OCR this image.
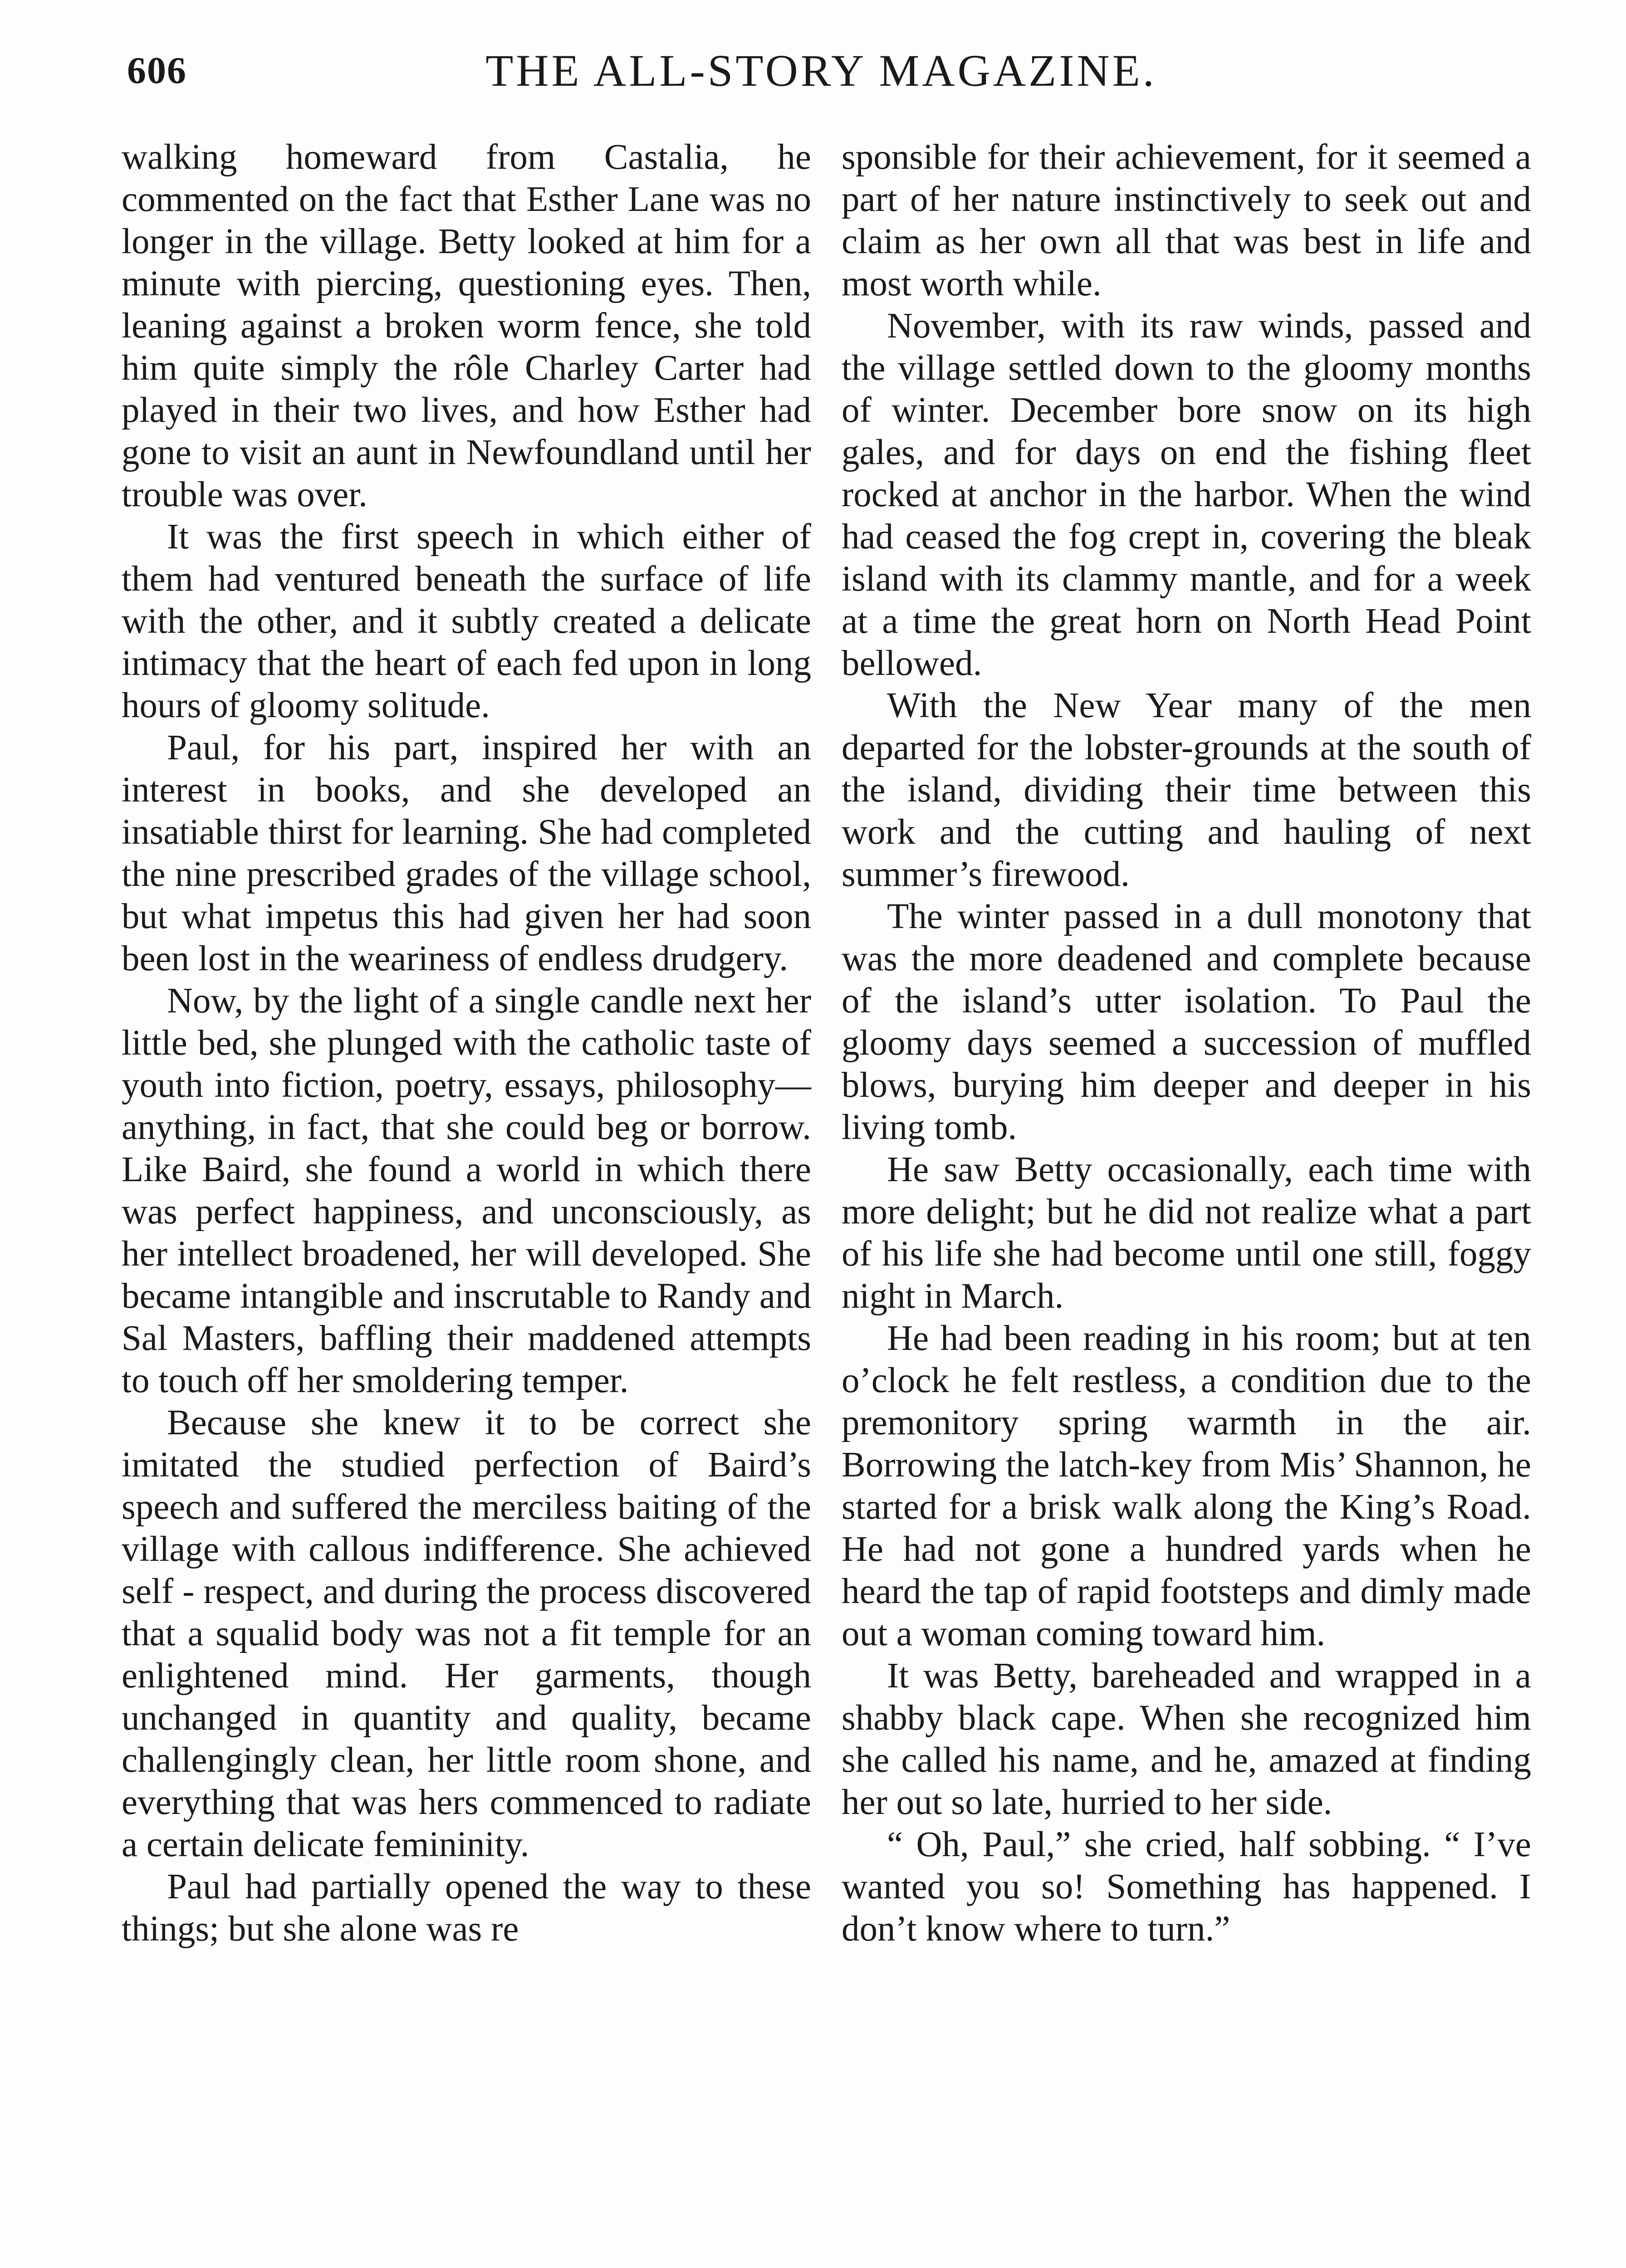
606	THE ALL-STORY MAGAZINE.

walking homeward from Castalia, he commented on the fact that Esther Lane was no longer in the village. Betty looked at him for a minute with piercing, questioning eyes. Then, leaning against a broken worm fence, she told him quite simply the rôle Charley Carter had played in their two lives, and how Esther had gone to visit an aunt in Newfoundland until her trouble was over.

It was the first speech in which either of them had ventured beneath the surface of life with the other, and it subtly created a delicate intimacy that the heart of each fed upon in long hours of gloomy solitude.

Paul, for his part, inspired her with an interest in books, and she developed an insatiable thirst for learning. She had completed the nine prescribed grades of the village school, but what impetus this had given her had soon been lost in the weariness of endless drudgery.

Now, by the light of a single candle next her little bed, she plunged with the catholic taste of youth into fiction, poetry, essays, philosophy—anything, in fact, that she could beg or borrow. Like Baird, she found a world in which there was perfect happiness, and unconsciously, as her intellect broadened, her will developed. She became intangible and inscrutable to Randy and Sal Masters, baffling their maddened attempts to touch off her smoldering temper.

Because she knew it to be correct she imitated the studied perfection of Baird’s speech and suffered the merciless baiting of the village with callous indifference. She achieved self - respect, and during the process discovered that a squalid body was not a fit temple for an enlightened mind. Her garments, though unchanged in quantity and quality, became challengingly clean, her little room shone, and everything that was hers commenced to radiate a certain delicate femininity.

Paul had partially opened the way to these things; but she alone was re

sponsible for their achievement, for it seemed a part of her nature instinctively to seek out and claim as her own all that was best in life and most worth while.

November, with its raw winds, passed and the village settled down to the gloomy months of winter. December bore snow on its high gales, and for days on end the fishing fleet rocked at anchor in the harbor. When the wind had ceased the fog crept in, covering the bleak island with its clammy mantle, and for a week at a time the great horn on North Head Point bellowed.

With the New Year many of the men departed for the lobster-grounds at the south of the island, dividing their time between this work and the cutting and hauling of next summer’s firewood.

The winter passed in a dull monotony that was the more deadened and complete because of the island’s utter isolation. To Paul the gloomy days seemed a succession of muffled blows, burying him deeper and deeper in his living tomb.

He saw Betty occasionally, each time with more delight; but he did not realize what a part of his life she had become until one still, foggy night in March.

He had been reading in his room; but at ten o’clock he felt restless, a condition due to the premonitory spring warmth in the air. Borrowing the latch-key from Mis’ Shannon, he started for a brisk walk along the King’s Road. He had not gone a hundred yards when he heard the tap of rapid footsteps and dimly made out a woman coming toward him.

It was Betty, bareheaded and wrapped in a shabby black cape. When she recognized him she called his name, and he, amazed at finding her out so late, hurried to her side.

“ Oh, Paul,” she cried, half sobbing. “ I’ve wanted you so! Something has happened. I don’t know where to turn.”
